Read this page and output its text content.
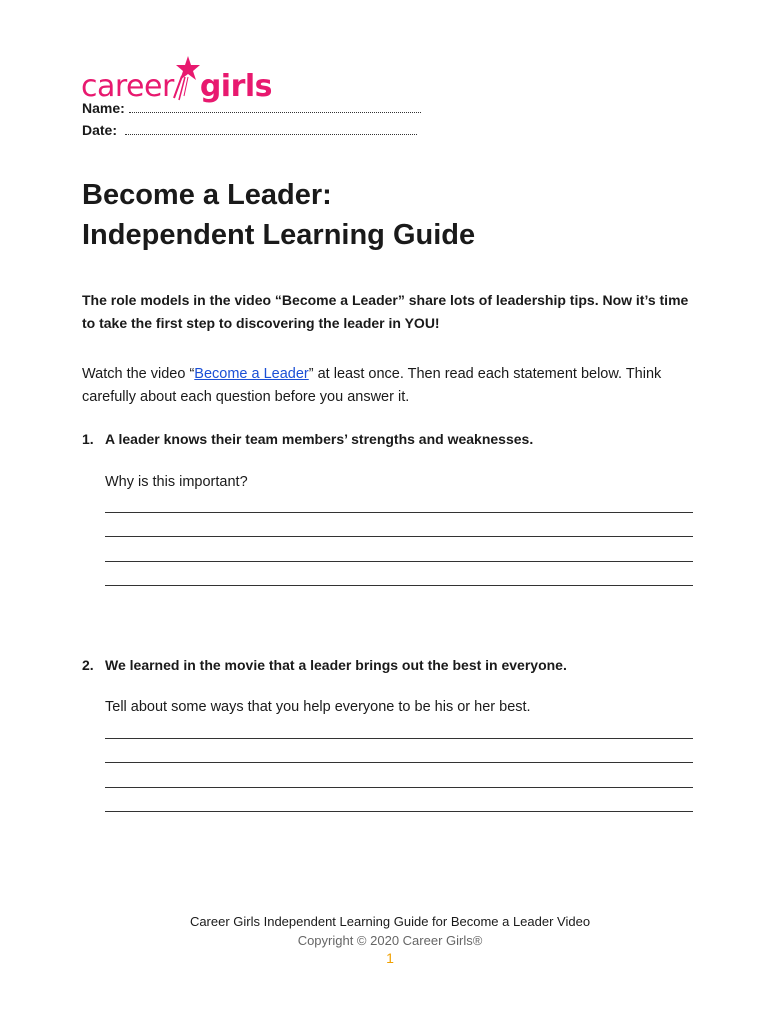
career girls
Name:
Date:
Become a Leader:
Independent Learning Guide

The role models in the video “Become a Leader” share lots of leadership tips. Now it’s time to take the first step to discovering the leader in YOU!

Watch the video “Become a Leader” at least once. Then read each statement below. Think carefully about each question before you answer it.

1. A leader knows their team members’ strengths and weaknesses.
Why is this important?
2. We learned in the movie that a leader brings out the best in everyone.
Tell about some ways that you help everyone to be his or her best.
Career Girls Independent Learning Guide for Become a Leader Video
Copyright © 2020 Career Girls®
1
